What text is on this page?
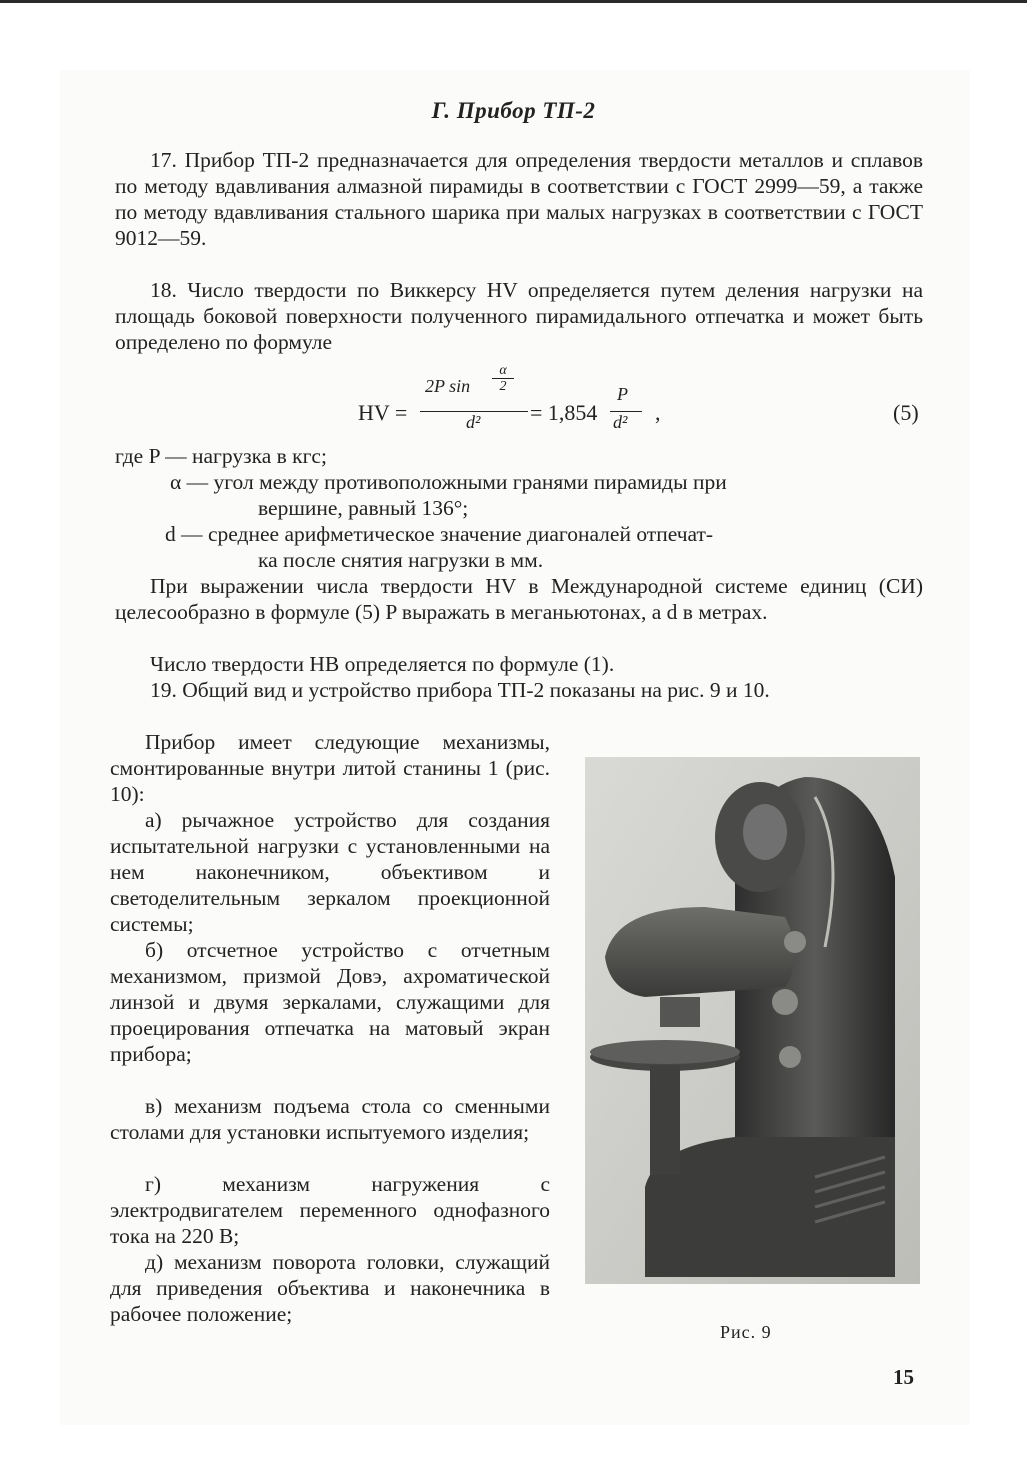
Г. Прибор ТП-2

17. Прибор ТП-2 предназначается для определения твердости металлов и сплавов по методу вдавливания алмазной пирамиды в соответствии с ГОСТ 2999—59, а также по методу вдавливания стального шарика при малых нагрузках в соответствии с ГОСТ 9012—59.

18. Число твердости по Виккерсу HV определяется путем деления нагрузки на площадь боковой поверхности полученного пирамидального отпечатка и может быть определено по формуле

HV =
2P sin
α
2
d² = 1,854
P
d² ,	(5)

где P — нагрузка в кгс;

α — угол между противоположными гранями пирамиды при

вершине, равный 136°;

d — среднее арифметическое значение диагоналей отпечат-

ка после снятия нагрузки в мм.

При выражении числа твердости HV в Международной системе единиц (СИ) целесообразно в формуле (5) P выражать в меганьютонах, а d в метрах.

Число твердости НВ определяется по формуле (1).

19. Общий вид и устройство прибора ТП-2 показаны на рис. 9 и 10.

Прибор имеет следующие механизмы, смонтированные внутри литой станины 1 (рис. 10):

а) рычажное устройство для создания испытательной нагрузки с установленными на нем наконечником, объективом и светоделительным зеркалом проекционной системы;

б) отсчетное устройство с отчетным механизмом, призмой Довэ, ахроматической линзой и двумя зеркалами, служащими для проецирования отпечатка на матовый экран прибора;

в) механизм подъема стола со сменными столами для установки испытуемого изделия;

г) механизм нагружения с электродвигателем переменного однофазного тока на 220 В;

д) механизм поворота головки, служащий для приведения объектива и наконечника в рабочее положение;

Рис. 9
15
